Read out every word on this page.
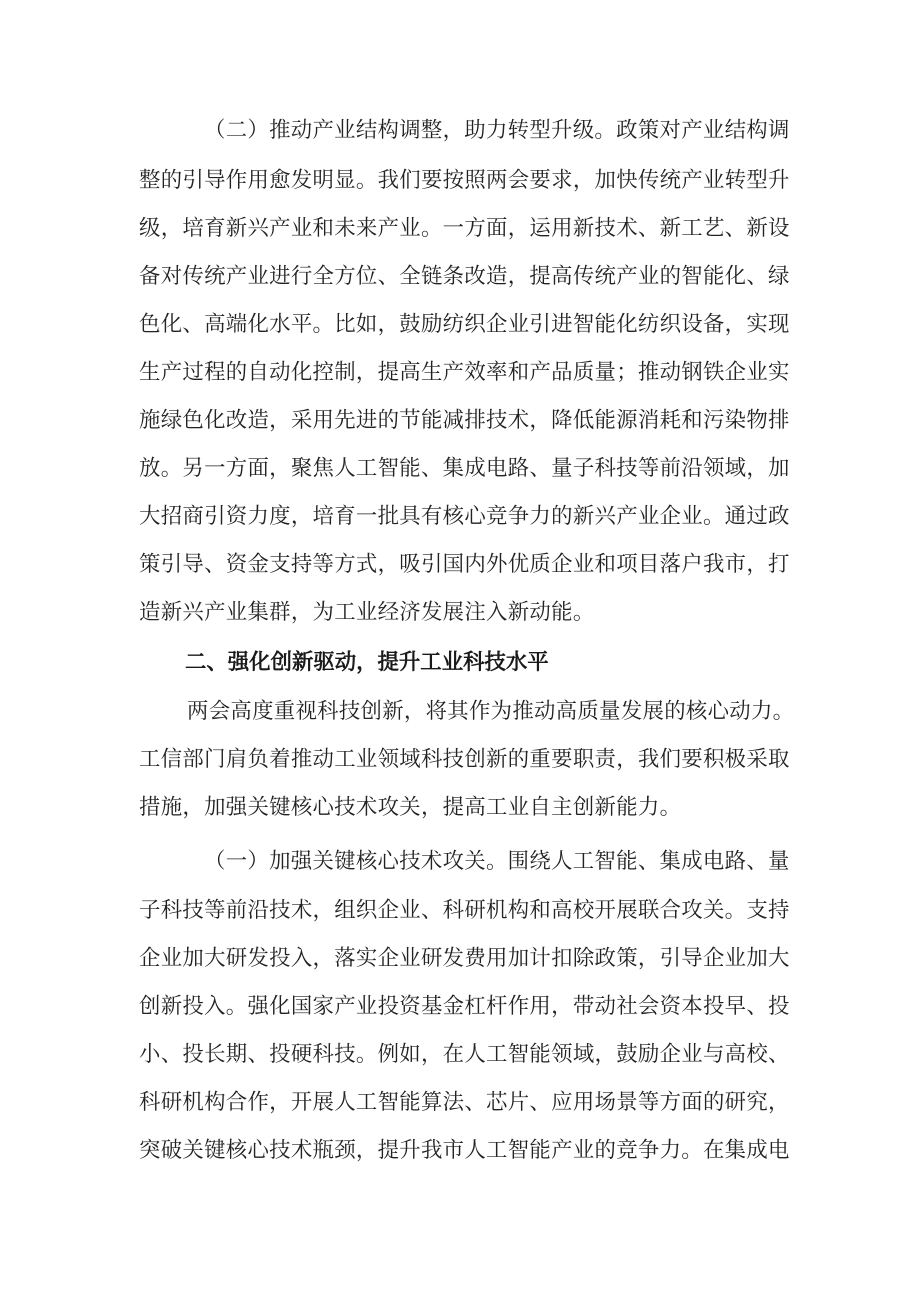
（二）推动产业结构调整，助力转型升级。政策对产业结构调
整的引导作用愈发明显。我们要按照两会要求，加快传统产业转型升
级，培育新兴产业和未来产业。一方面，运用新技术、新工艺、新设
备对传统产业进行全方位、全链条改造，提高传统产业的智能化、绿
色化、高端化水平。比如，鼓励纺织企业引进智能化纺织设备，实现
生产过程的自动化控制，提高生产效率和产品质量；推动钢铁企业实
施绿色化改造，采用先进的节能减排技术，降低能源消耗和污染物排
放。另一方面，聚焦人工智能、集成电路、量子科技等前沿领域，加
大招商引资力度，培育一批具有核心竞争力的新兴产业企业。通过政
策引导、资金支持等方式，吸引国内外优质企业和项目落户我市，打
造新兴产业集群，为工业经济发展注入新动能。
二、强化创新驱动，提升工业科技水平
两会高度重视科技创新，将其作为推动高质量发展的核心动力。
工信部门肩负着推动工业领域科技创新的重要职责，我们要积极采取
措施，加强关键核心技术攻关，提高工业自主创新能力。
（一）加强关键核心技术攻关。围绕人工智能、集成电路、量
子科技等前沿技术，组织企业、科研机构和高校开展联合攻关。支持
企业加大研发投入，落实企业研发费用加计扣除政策，引导企业加大
创新投入。强化国家产业投资基金杠杆作用，带动社会资本投早、投
小、投长期、投硬科技。例如，在人工智能领域，鼓励企业与高校、
科研机构合作，开展人工智能算法、芯片、应用场景等方面的研究，
突破关键核心技术瓶颈，提升我市人工智能产业的竞争力。在集成电
